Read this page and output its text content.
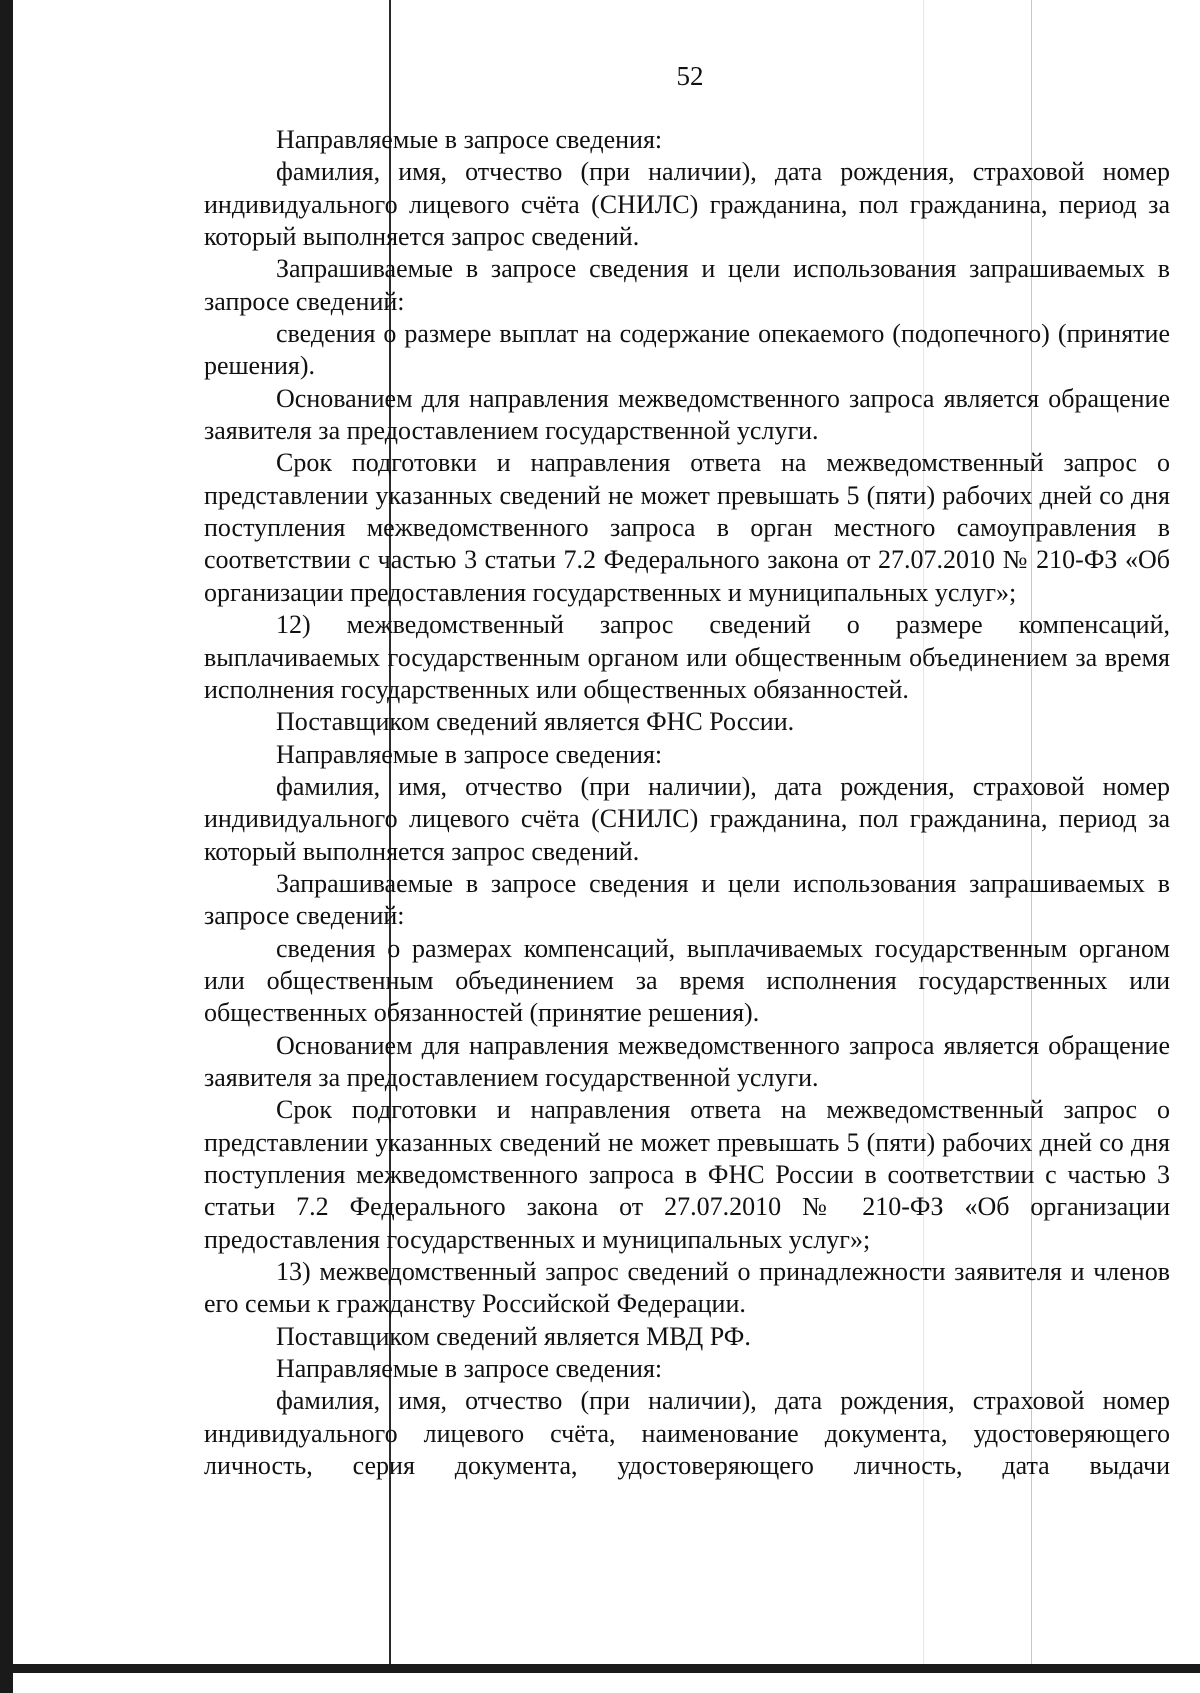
52

Направляемые в запросе сведения:

фамилия, имя, отчество (при наличии), дата рождения, страховой номер индивидуального лицевого счёта (СНИЛС) гражданина, пол гражданина, период за который выполняется запрос сведений.

Запрашиваемые в запросе сведения и цели использования запрашиваемых в запросе сведений:

сведения о размере выплат на содержание опекаемого (подопечного) (принятие решения).

Основанием для направления межведомственного запроса является обращение заявителя за предоставлением государственной услуги.

Срок подготовки и направления ответа на межведомственный запрос о представлении указанных сведений не может превышать 5 (пяти) рабочих дней со дня поступления межведомственного запроса в орган местного самоуправления в соответствии с частью 3 статьи 7.2 Федерального закона от 27.07.2010 № 210-ФЗ «Об организации предоставления государственных и муниципальных услуг»;

12) межведомственный запрос сведений о размере компенсаций, выплачиваемых государственным органом или общественным объединением за время исполнения государственных или общественных обязанностей.

Поставщиком сведений является ФНС России.

Направляемые в запросе сведения:

фамилия, имя, отчество (при наличии), дата рождения, страховой номер индивидуального лицевого счёта (СНИЛС) гражданина, пол гражданина, период за который выполняется запрос сведений.

Запрашиваемые в запросе сведения и цели использования запрашиваемых в запросе сведений:

сведения о размерах компенсаций, выплачиваемых государственным органом или общественным объединением за время исполнения государственных или общественных обязанностей (принятие решения).

Основанием для направления межведомственного запроса является обращение заявителя за предоставлением государственной услуги.

Срок подготовки и направления ответа на межведомственный запрос о представлении указанных сведений не может превышать 5 (пяти) рабочих дней со дня поступления межведомственного запроса в ФНС России в соответствии с частью 3 статьи 7.2 Федерального закона от 27.07.2010 № 210-ФЗ «Об организации предоставления государственных и муниципальных услуг»;

13) межведомственный запрос сведений о принадлежности заявителя и членов его семьи к гражданству Российской Федерации.

Поставщиком сведений является МВД РФ.

Направляемые в запросе сведения:

фамилия, имя, отчество (при наличии), дата рождения, страховой номер индивидуального лицевого счёта, наименование документа, удостоверяющего личность, серия документа, удостоверяющего личность, дата выдачи
